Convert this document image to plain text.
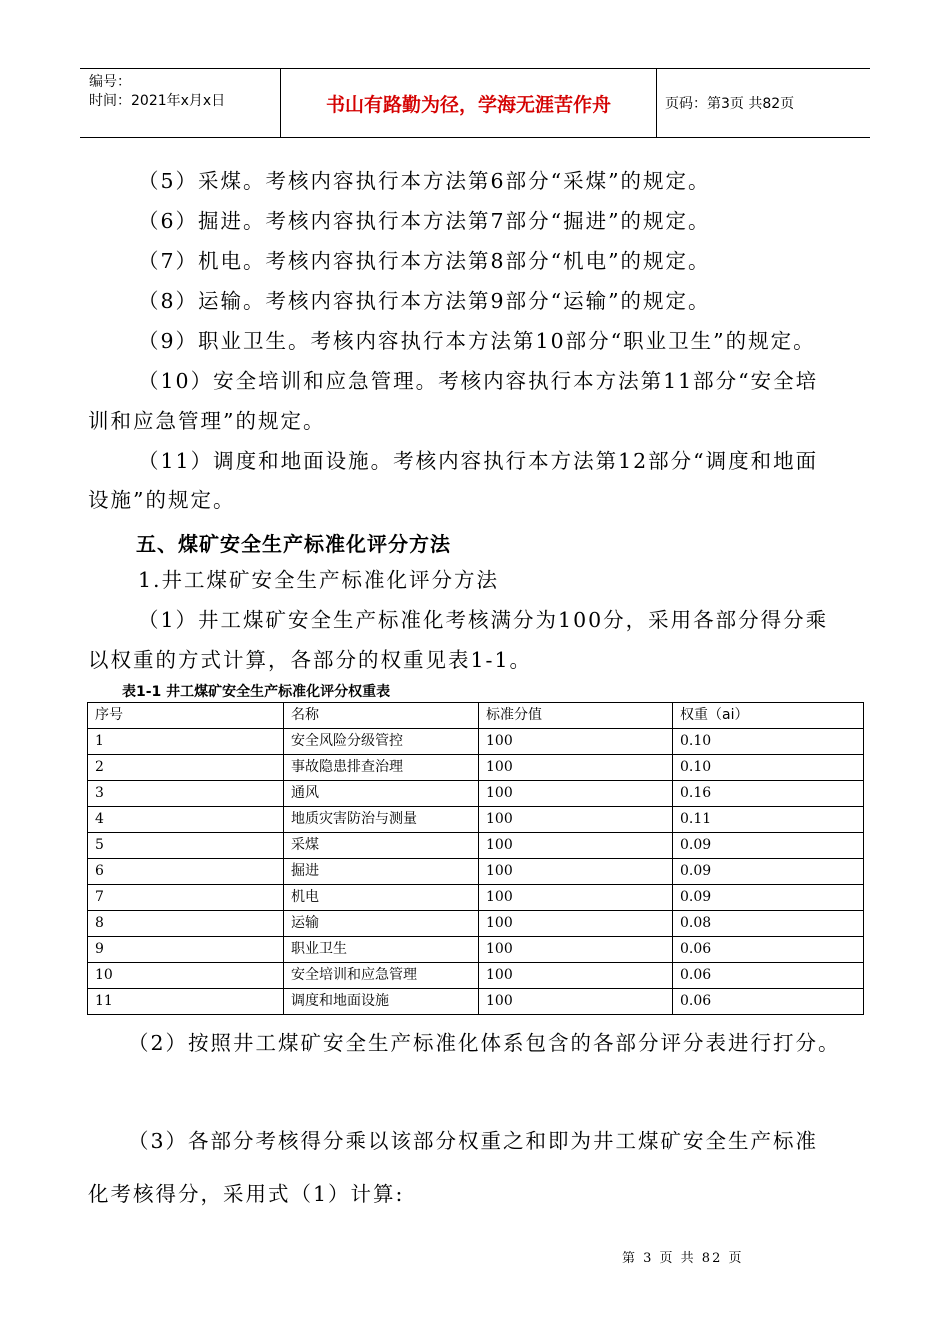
编号：
时间：2021年x月x日	书山有路勤为径，学海无涯苦作舟	页码：第3页 共82页
（5）采煤。考核内容执行本方法第6部分“采煤”的规定。
（6）掘进。考核内容执行本方法第7部分“掘进”的规定。
（7）机电。考核内容执行本方法第8部分“机电”的规定。
（8）运输。考核内容执行本方法第9部分“运输”的规定。
（9）职业卫生。考核内容执行本方法第10部分“职业卫生”的规定。
（10）安全培训和应急管理。考核内容执行本方法第11部分“安全培
训和应急管理”的规定。
（11）调度和地面设施。考核内容执行本方法第12部分“调度和地面
设施”的规定。
五、煤矿安全生产标准化评分方法
1.井工煤矿安全生产标准化评分方法
（1）井工煤矿安全生产标准化考核满分为100分，采用各部分得分乘
以权重的方式计算，各部分的权重见表1-1。
表1-1 井工煤矿安全生产标准化评分权重表
序号	名称	标准分值	权重（ai）
1	安全风险分级管控	100	0.10
2	事故隐患排查治理	100	0.10
3	通风	100	0.16
4	地质灾害防治与测量	100	0.11
5	采煤	100	0.09
6	掘进	100	0.09
7	机电	100	0.09
8	运输	100	0.08
9	职业卫生	100	0.06
10	安全培训和应急管理	100	0.06
11	调度和地面设施	100	0.06
（2）按照井工煤矿安全生产标准化体系包含的各部分评分表进行打分。
（3）各部分考核得分乘以该部分权重之和即为井工煤矿安全生产标准
化考核得分，采用式（1）计算:
第 3 页 共 82 页
